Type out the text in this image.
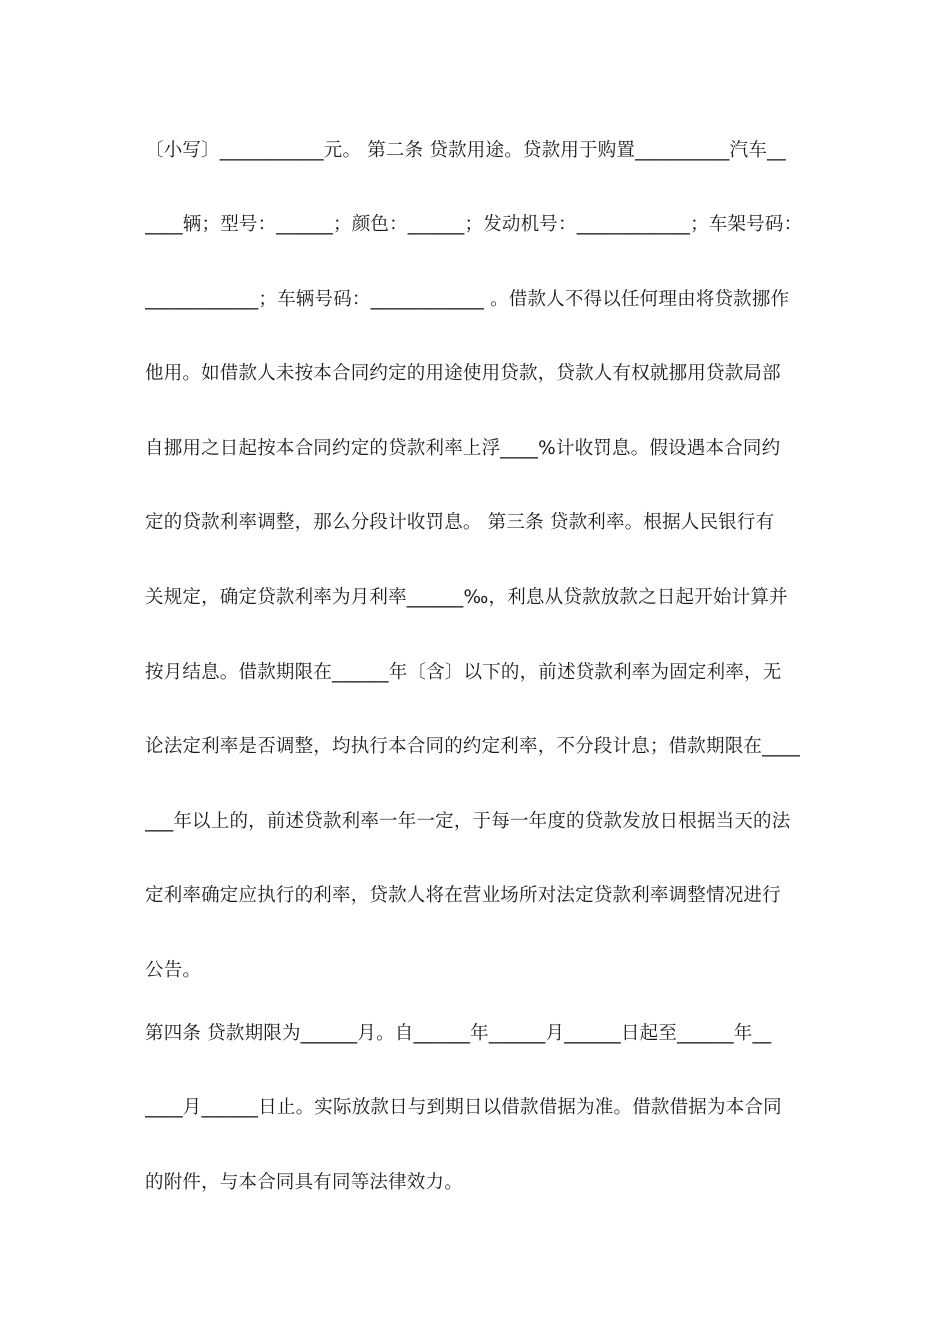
〔小写〕___________元。 第二条 贷款用途。贷款用于购置__________汽车__
____辆；型号：______；颜色：______；发动机号：____________；车架号码：
____________；车辆号码：____________ 。借款人不得以任何理由将贷款挪作
他用。如借款人未按本合同约定的用途使用贷款，贷款人有权就挪用贷款局部
自挪用之日起按本合同约定的贷款利率上浮____%计收罚息。假设遇本合同约
定的贷款利率调整，那么分段计收罚息。 第三条 贷款利率。根据人民银行有
关规定，确定贷款利率为月利率______‰，利息从贷款放款之日起开始计算并
按月结息。借款期限在______年〔含〕以下的，前述贷款利率为固定利率，无
论法定利率是否调整，均执行本合同的约定利率，不分段计息；借款期限在____
___年以上的，前述贷款利率一年一定，于每一年度的贷款发放日根据当天的法
定利率确定应执行的利率，贷款人将在营业场所对法定贷款利率调整情况进行
公告。
第四条 贷款期限为______月。自______年______月______日起至______年__
____月______日止。实际放款日与到期日以借款借据为准。借款借据为本合同
的附件，与本合同具有同等法律效力。
